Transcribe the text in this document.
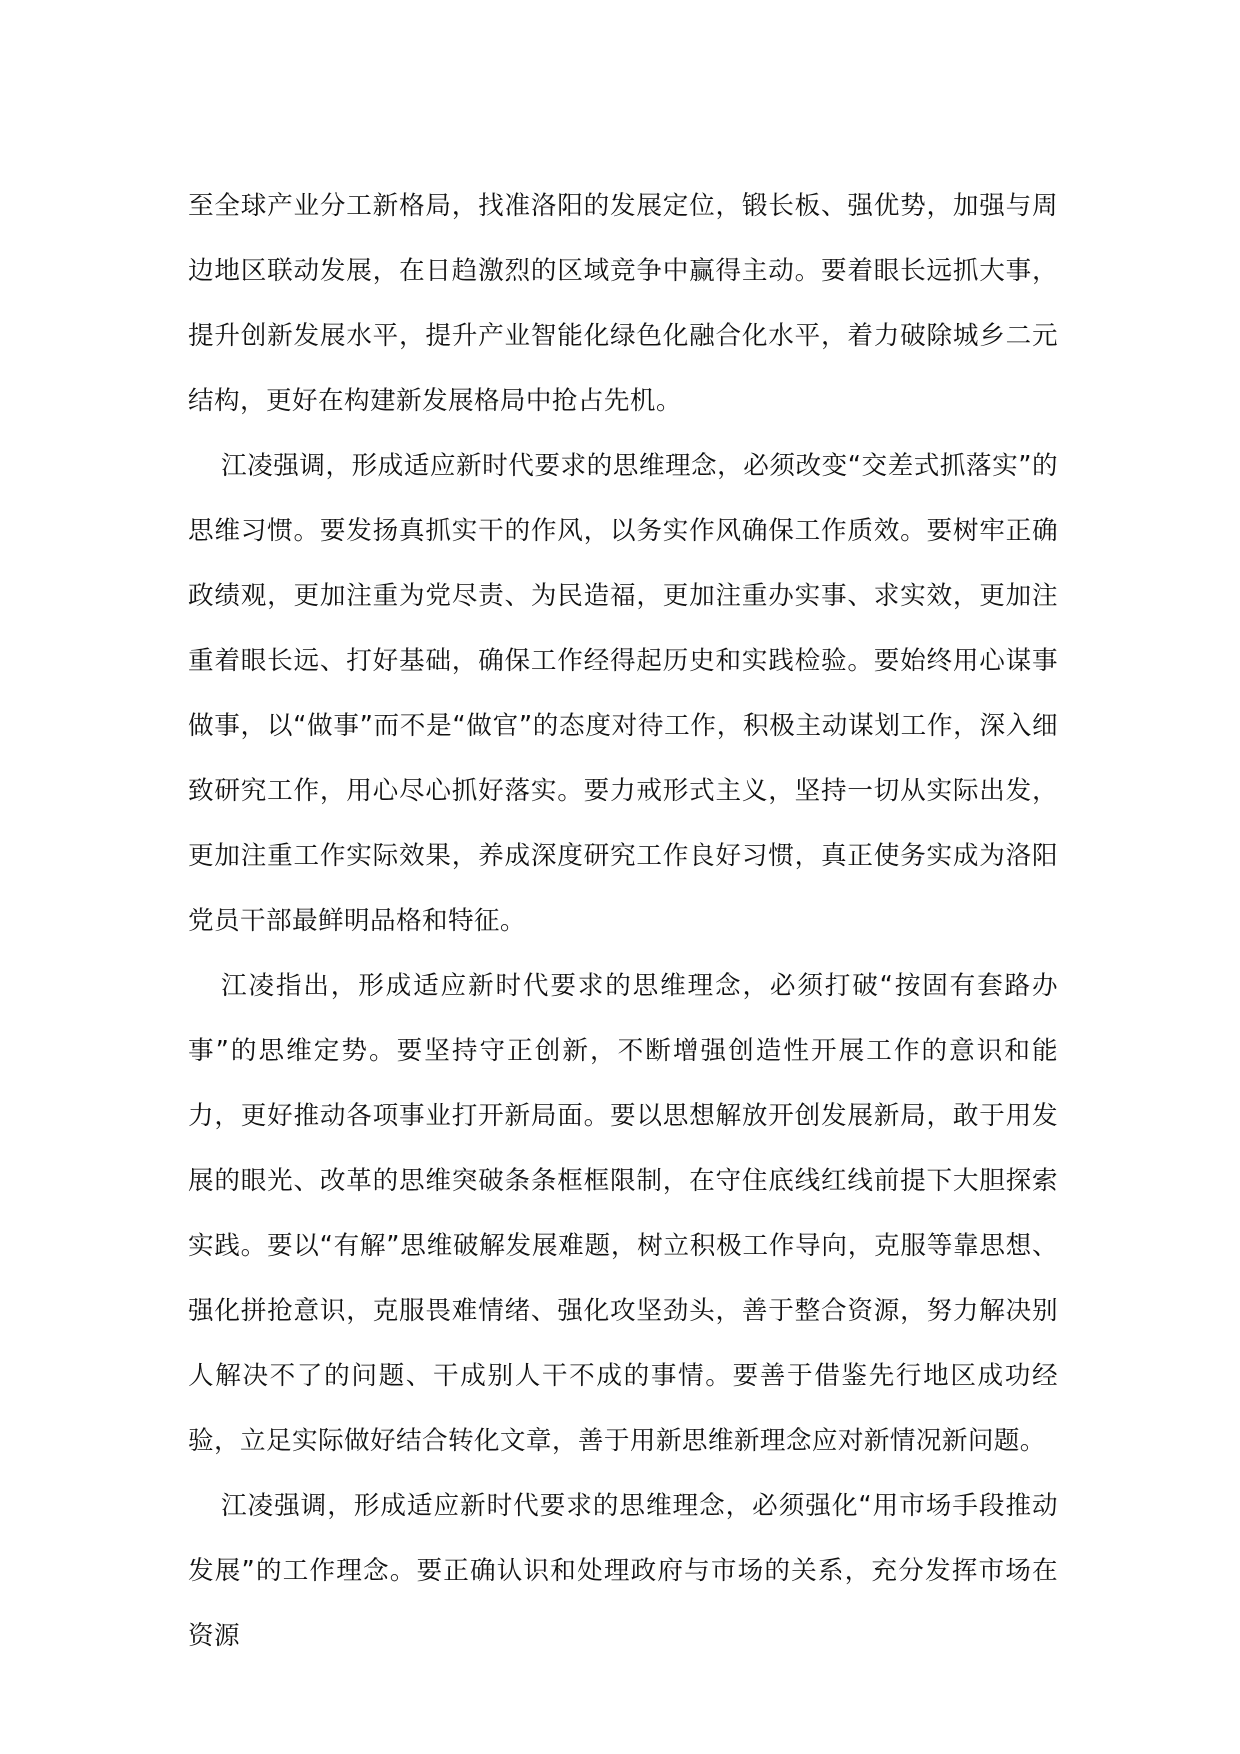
至全球产业分工新格局，找准洛阳的发展定位，锻长板、强优势，加强与周边地区联动发展，在日趋激烈的区域竞争中赢得主动。要着眼长远抓大事，提升创新发展水平，提升产业智能化绿色化融合化水平，着力破除城乡二元结构，更好在构建新发展格局中抢占先机。

江凌强调，形成适应新时代要求的思维理念，必须改变“交差式抓落实”的思维习惯。要发扬真抓实干的作风，以务实作风确保工作质效。要树牢正确政绩观，更加注重为党尽责、为民造福，更加注重办实事、求实效，更加注重着眼长远、打好基础，确保工作经得起历史和实践检验。要始终用心谋事做事，以“做事”而不是“做官”的态度对待工作，积极主动谋划工作，深入细致研究工作，用心尽心抓好落实。要力戒形式主义，坚持一切从实际出发，更加注重工作实际效果，养成深度研究工作良好习惯，真正使务实成为洛阳党员干部最鲜明品格和特征。

江凌指出，形成适应新时代要求的思维理念，必须打破“按固有套路办事”的思维定势。要坚持守正创新，不断增强创造性开展工作的意识和能力，更好推动各项事业打开新局面。要以思想解放开创发展新局，敢于用发展的眼光、改革的思维突破条条框框限制，在守住底线红线前提下大胆探索实践。要以“有解”思维破解发展难题，树立积极工作导向，克服等靠思想、强化拼抢意识，克服畏难情绪、强化攻坚劲头，善于整合资源，努力解决别人解决不了的问题、干成别人干不成的事情。要善于借鉴先行地区成功经验，立足实际做好结合转化文章，善于用新思维新理念应对新情况新问题。

江凌强调，形成适应新时代要求的思维理念，必须强化“用市场手段推动发展”的工作理念。要正确认识和处理政府与市场的关系，充分发挥市场在资源
